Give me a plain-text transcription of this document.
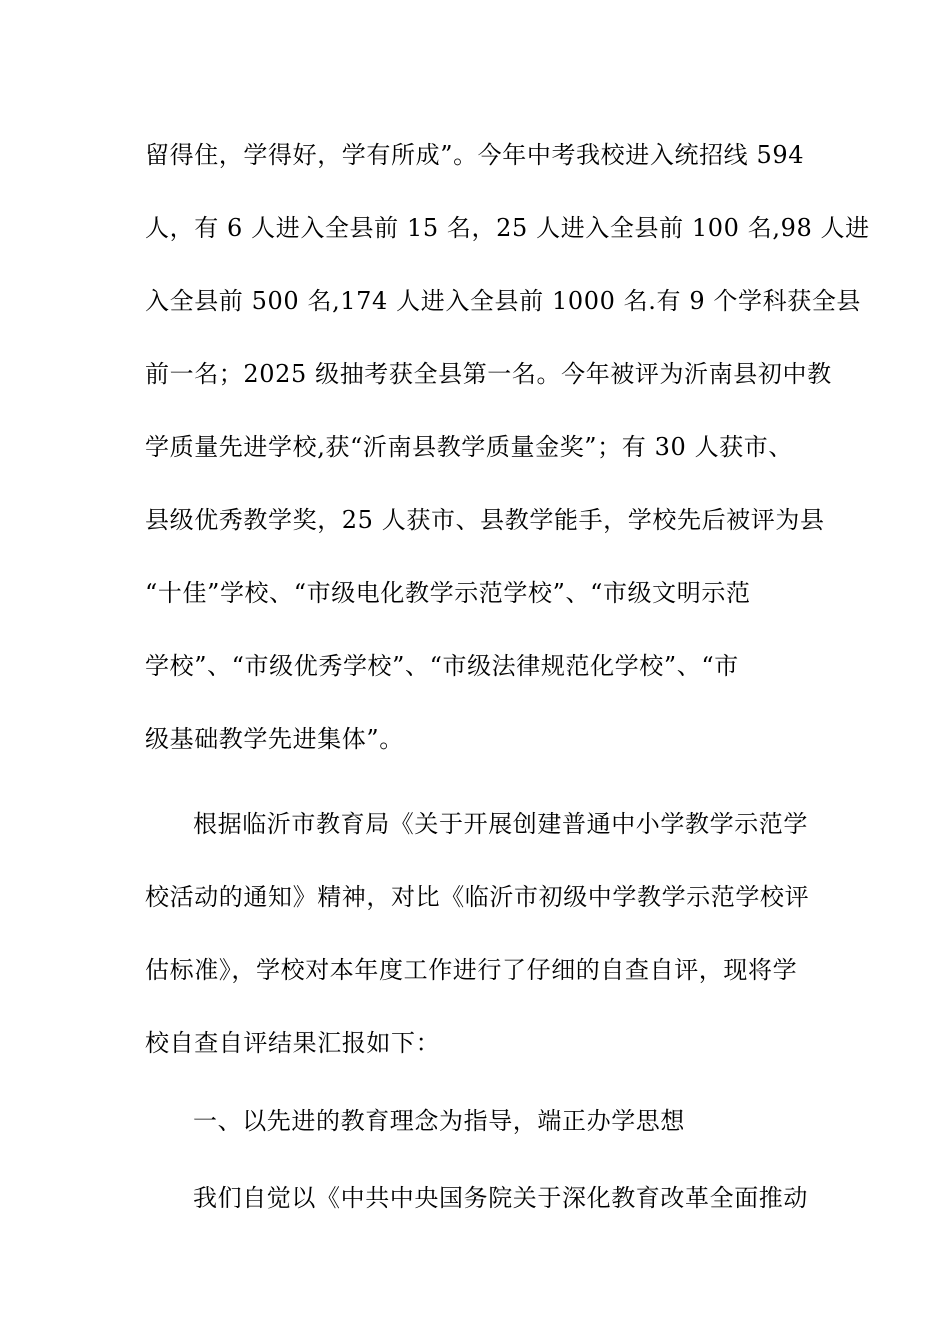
留得住，学得好，学有所成”。今年中考我校进入统招线 594
人，有 6 人进入全县前 15 名，25 人进入全县前 100 名,98 人进
入全县前 500 名,174 人进入全县前 1000 名.有 9 个学科获全县
前一名；2025 级抽考获全县第一名。今年被评为沂南县初中教
学质量先进学校,获“沂南县教学质量金奖”；有 30 人获市、
县级优秀教学奖，25 人获市、县教学能手，学校先后被评为县
“十佳”学校、“市级电化教学示范学校”、“市级文明示范
学校”、“市级优秀学校”、“市级法律规范化学校”、“市
级基础教学先进集体”。
根据临沂市教育局《关于开展创建普通中小学教学示范学
校活动的通知》精神，对比《临沂市初级中学教学示范学校评
估标准》，学校对本年度工作进行了仔细的自查自评，现将学
校自查自评结果汇报如下：
一、以先进的教育理念为指导，端正办学思想
我们自觉以《中共中央国务院关于深化教育改革全面推动
